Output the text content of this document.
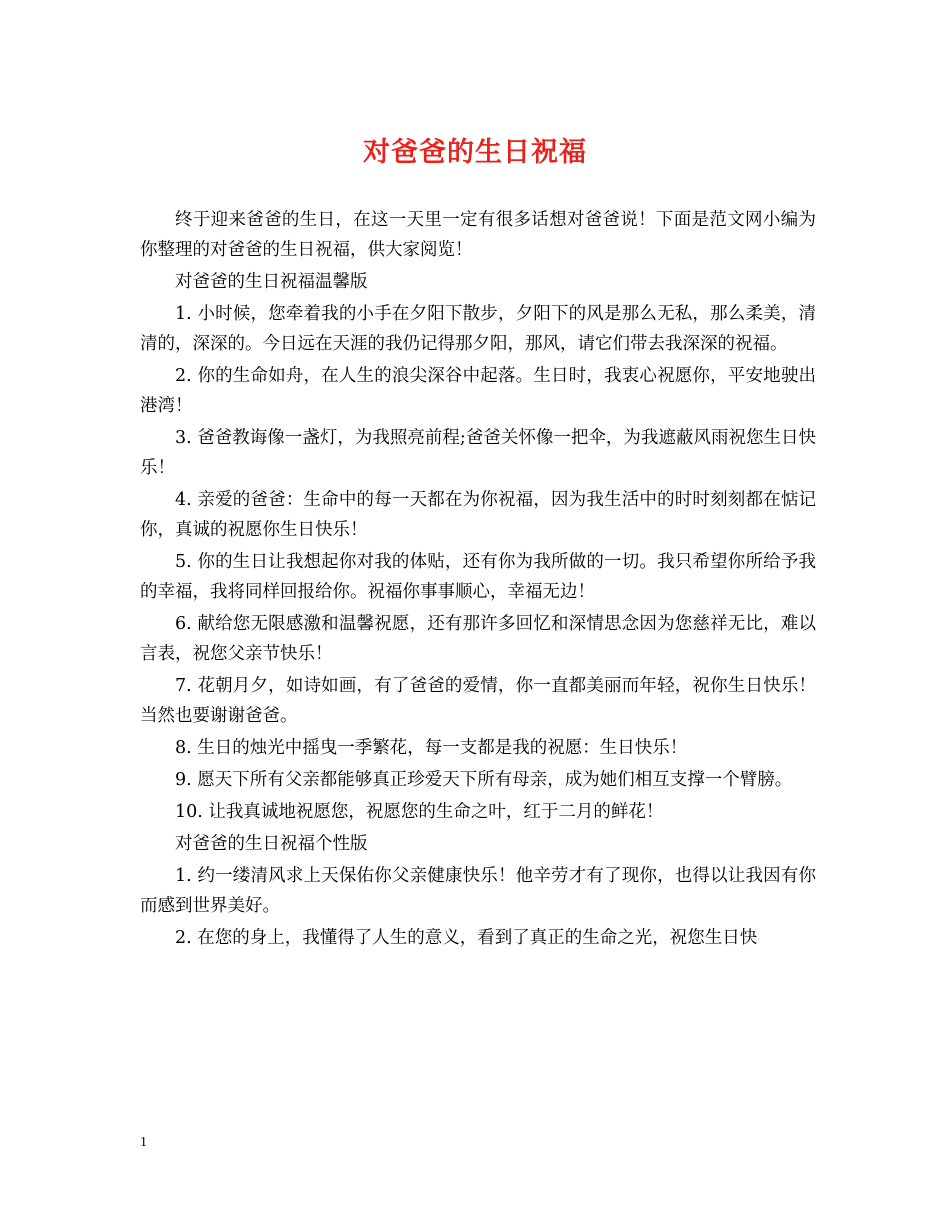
对爸爸的生日祝福

终于迎来爸爸的生日，在这一天里一定有很多话想对爸爸说！下面是范文网小编为你整理的对爸爸的生日祝福，供大家阅览！

对爸爸的生日祝福温馨版

1. 小时候，您牵着我的小手在夕阳下散步，夕阳下的风是那么无私，那么柔美，清清的，深深的。今日远在天涯的我仍记得那夕阳，那风，请它们带去我深深的祝福。

2. 你的生命如舟，在人生的浪尖深谷中起落。生日时，我衷心祝愿你，平安地驶出港湾！

3. 爸爸教诲像一盏灯，为我照亮前程;爸爸关怀像一把伞，为我遮蔽风雨祝您生日快乐！

4. 亲爱的爸爸：生命中的每一天都在为你祝福，因为我生活中的时时刻刻都在惦记你，真诚的祝愿你生日快乐！

5. 你的生日让我想起你对我的体贴，还有你为我所做的一切。我只希望你所给予我的幸福，我将同样回报给你。祝福你事事顺心，幸福无边！

6. 献给您无限感激和温馨祝愿，还有那许多回忆和深情思念因为您慈祥无比，难以言表，祝您父亲节快乐！

7. 花朝月夕，如诗如画，有了爸爸的爱情，你一直都美丽而年轻，祝你生日快乐！当然也要谢谢爸爸。

8. 生日的烛光中摇曳一季繁花，每一支都是我的祝愿：生日快乐！

9. 愿天下所有父亲都能够真正珍爱天下所有母亲，成为她们相互支撑一个臂膀。

10. 让我真诚地祝愿您，祝愿您的生命之叶，红于二月的鲜花！

对爸爸的生日祝福个性版

1. 约一缕清风求上天保佑你父亲健康快乐！他辛劳才有了现你，也得以让我因有你而感到世界美好。

2. 在您的身上，我懂得了人生的意义，看到了真正的生命之光，祝您生日快

1
